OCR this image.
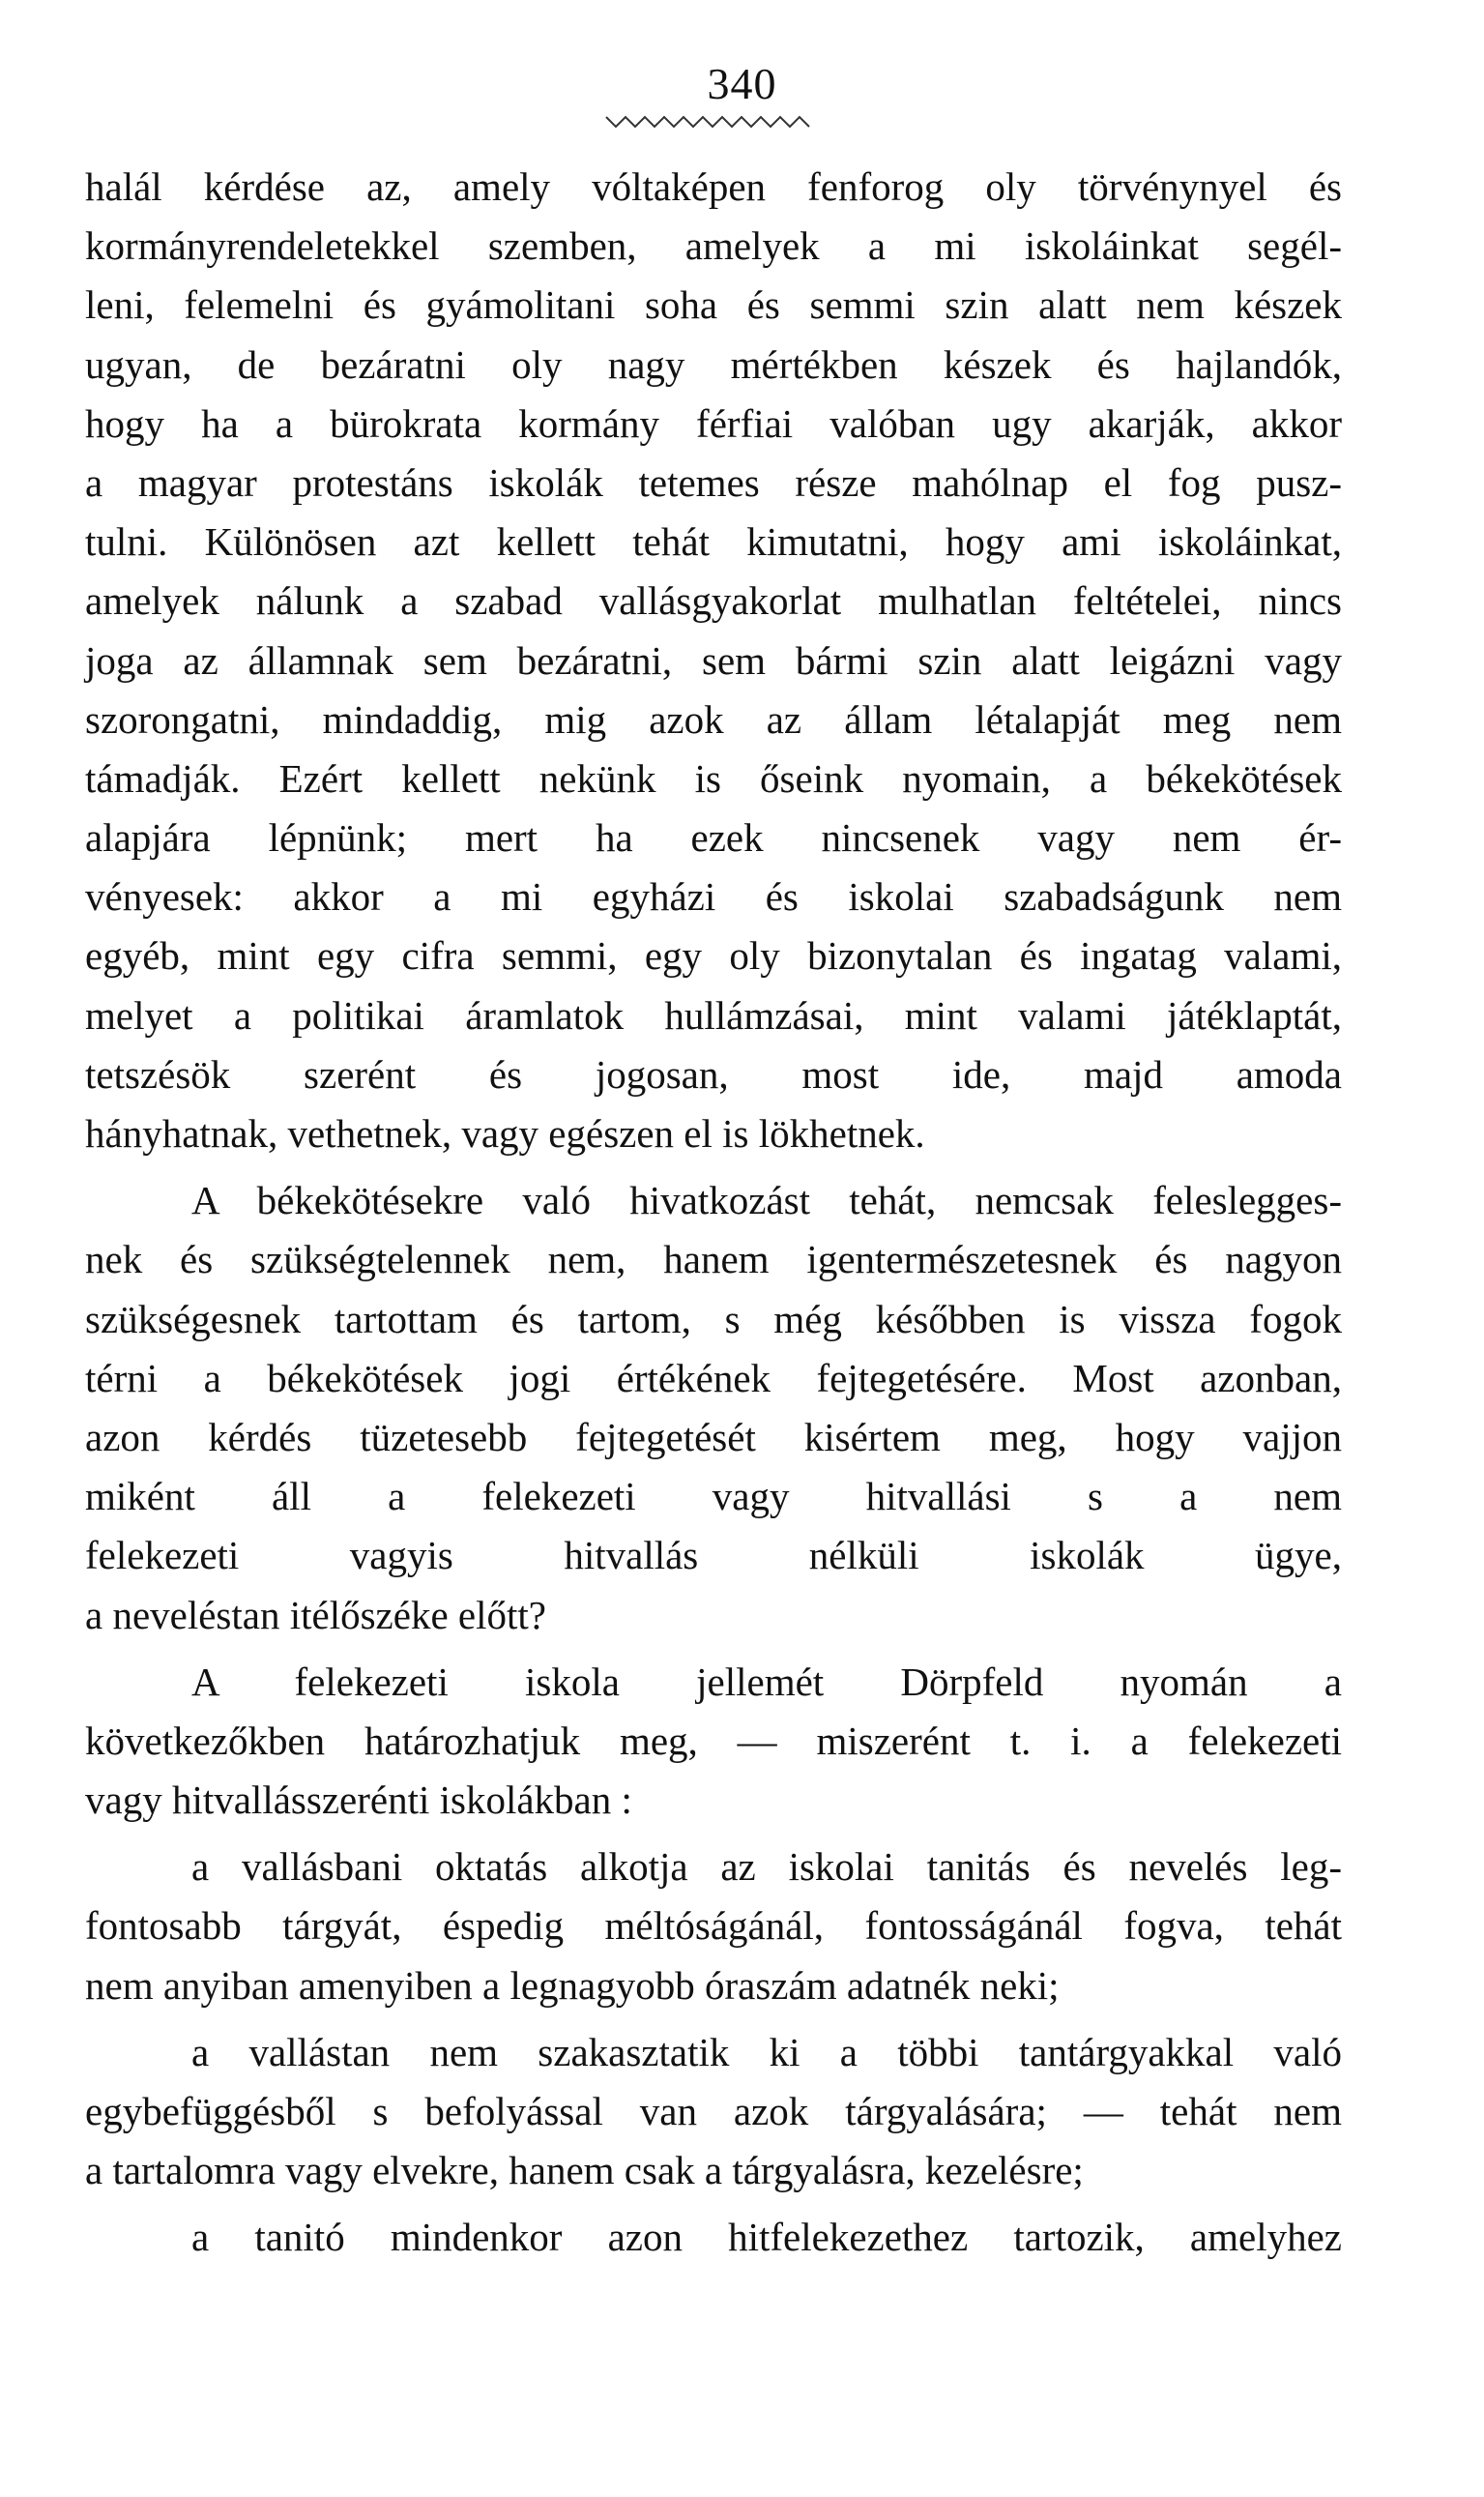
340
halál kérdése az, amely vóltaképen fenforog oly törvénynyel és
kormányrendeletekkel szemben, amelyek a mi iskoláinkat segél-
leni, felemelni és gyámolitani soha és semmi szin alatt nem készek
ugyan, de bezáratni oly nagy mértékben készek és hajlandók,
hogy ha a bürokrata kormány férfiai valóban ugy akarják, akkor
a magyar protestáns iskolák tetemes része mahólnap el fog pusz-
tulni. Különösen azt kellett tehát kimutatni, hogy ami iskoláinkat,
amelyek nálunk a szabad vallásgyakorlat mulhatlan feltételei, nincs
joga az államnak sem bezáratni, sem bármi szin alatt leigázni vagy
szorongatni, mindaddig, mig azok az állam létalapját meg nem
támadják. Ezért kellett nekünk is őseink nyomain, a békekötések
alapjára lépnünk; mert ha ezek nincsenek vagy nem ér-
vényesek: akkor a mi egyházi és iskolai szabadságunk nem
egyéb, mint egy cifra semmi, egy oly bizonytalan és ingatag valami,
melyet a politikai áramlatok hullámzásai, mint valami játéklaptát,
tetszésök szerént és jogosan, most ide, majd amoda
hányhatnak, vethetnek, vagy egészen el is lökhetnek.
A békekötésekre való hivatkozást tehát, nemcsak feleslegges-
nek és szükségtelennek nem, hanem igentermészetesnek és nagyon
szükségesnek tartottam és tartom, s még későbben is vissza fogok
térni a békekötések jogi értékének fejtegetésére. Most azonban,
azon kérdés tüzetesebb fejtegetését kisértem meg, hogy vajjon
miként áll a felekezeti vagy hitvallási s a nem
felekezeti vagyis hitvallás nélküli iskolák ügye,
a neveléstan itélőszéke előtt?
A felekezeti iskola jellemét Dörpfeld nyomán a
következőkben határozhatjuk meg, — miszerént t. i. a felekezeti
vagy hitvallásszerénti iskolákban :
a vallásbani oktatás alkotja az iskolai tanitás és nevelés leg-
fontosabb tárgyát, éspedig méltóságánál, fontosságánál fogva, tehát
nem anyiban amenyiben a legnagyobb óraszám adatnék neki;
a vallástan nem szakasztatik ki a többi tantárgyakkal való
egybefüggésből s befolyással van azok tárgyalására; — tehát nem
a tartalomra vagy elvekre, hanem csak a tárgyalásra, kezelésre;
a tanitó mindenkor azon hitfelekezethez tartozik, amelyhez
